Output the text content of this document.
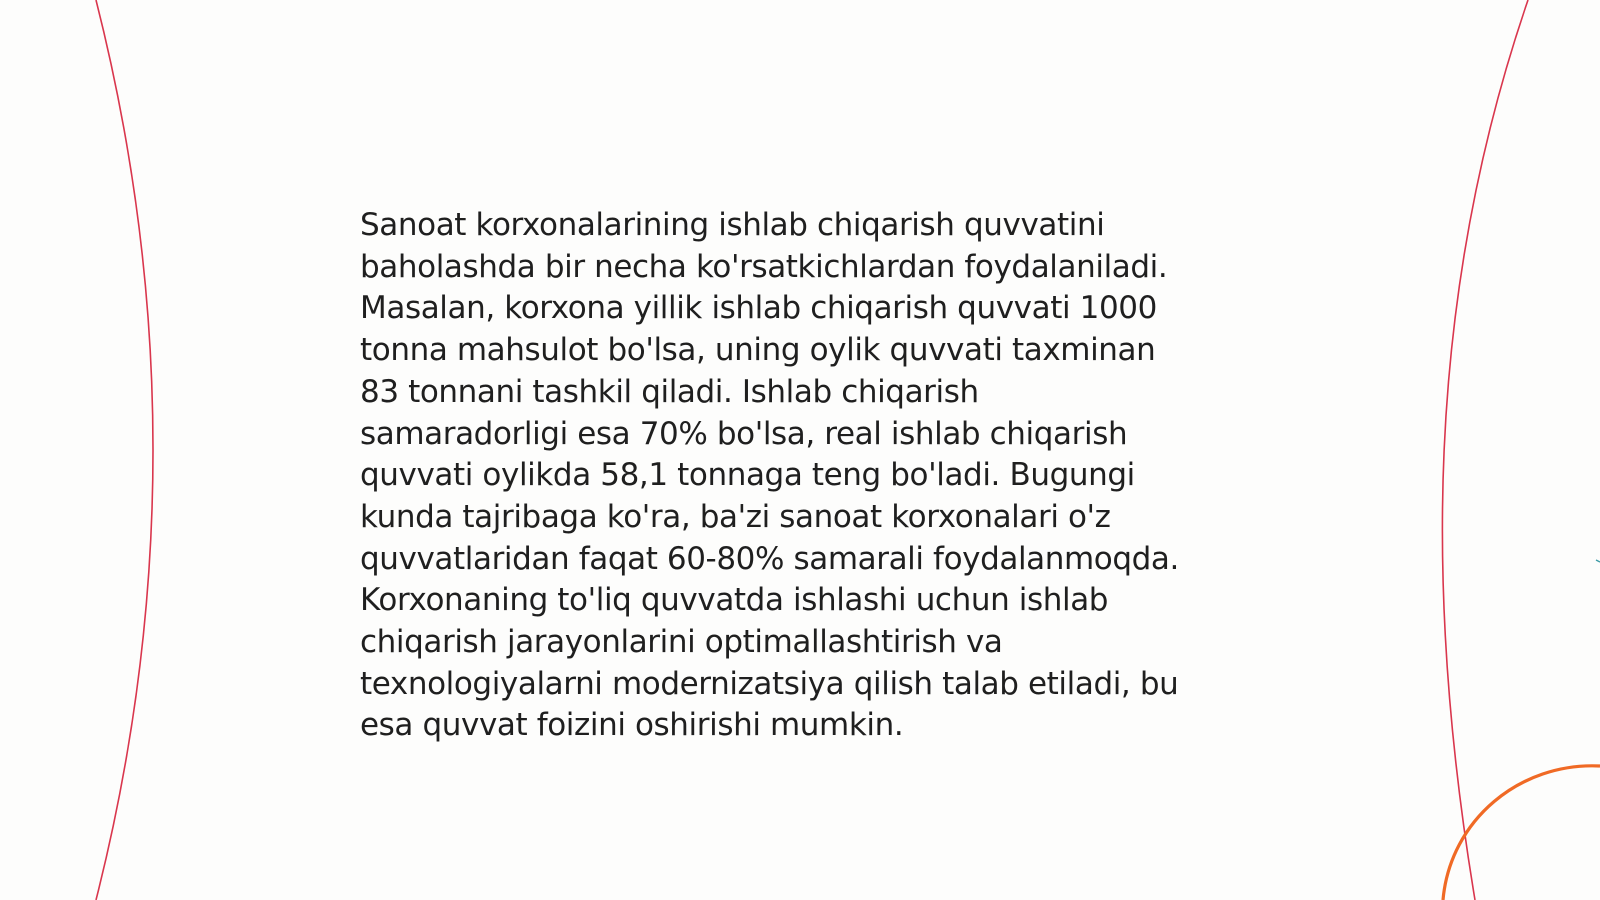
Sanoat korxonalarining ishlab chiqarish quvvatini
baholashda bir necha ko'rsatkichlardan foydalaniladi.
Masalan, korxona yillik ishlab chiqarish quvvati 1000
tonna mahsulot bo'lsa, uning oylik quvvati taxminan
83 tonnani tashkil qiladi. Ishlab chiqarish
samaradorligi esa 70% bo'lsa, real ishlab chiqarish
quvvati oylikda 58,1 tonnaga teng bo'ladi. Bugungi
kunda tajribaga ko'ra, ba'zi sanoat korxonalari o'z
quvvatlaridan faqat 60-80% samarali foydalanmoqda.
Korxonaning to'liq quvvatda ishlashi uchun ishlab
chiqarish jarayonlarini optimallashtirish va
texnologiyalarni modernizatsiya qilish talab etiladi, bu
esa quvvat foizini oshirishi mumkin.
